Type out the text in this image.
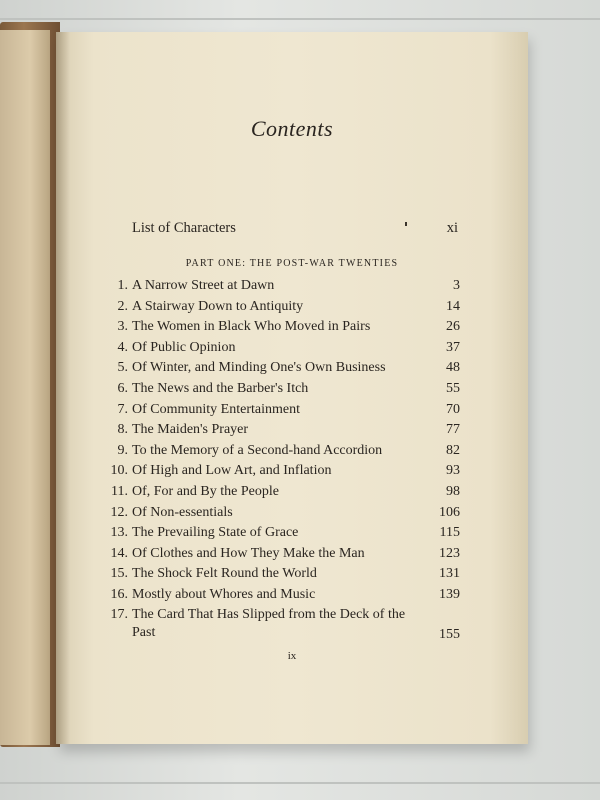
Contents
List of Characters	xi
PART ONE: THE POST-WAR TWENTIES
1. A Narrow Street at Dawn	3
2. A Stairway Down to Antiquity	14
3. The Women in Black Who Moved in Pairs	26
4. Of Public Opinion	37
5. Of Winter, and Minding One's Own Business	48
6. The News and the Barber's Itch	55
7. Of Community Entertainment	70
8. The Maiden's Prayer	77
9. To the Memory of a Second-hand Accordion	82
10. Of High and Low Art, and Inflation	93
11. Of, For and By the People	98
12. Of Non-essentials	106
13. The Prevailing State of Grace	115
14. Of Clothes and How They Make the Man	123
15. The Shock Felt Round the World	131
16. Mostly about Whores and Music	139
17. The Card That Has Slipped from the Deck of the Past	155
ix
